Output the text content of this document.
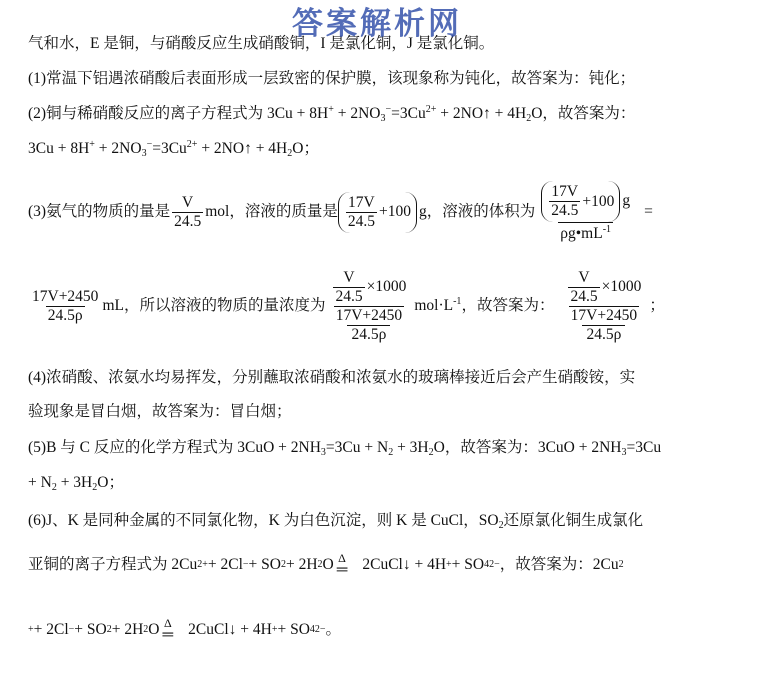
答案解析网
气和水，E 是铜，与硝酸反应生成硝酸铜，I 是氯化铜，J 是氯化铜。
(1)常温下铝遇浓硝酸后表面形成一层致密的保护膜，该现象称为钝化，故答案为：钝化；
(2)铜与稀硝酸反应的离子方程式为 $3Cu + 8H^+ + 2NO_3^-=3Cu^{2+}$ + 2NO↑ + $4H_2O$，故答案为：
$3Cu + 8H^+ + 2NO_3^-=3Cu^{2+}$ + 2NO↑ + $4H_2O$；
(3)氨气的物质的量是 $\frac{V}{24.5}$ mol，溶液的质量是 $\frac{17V}{24.5} +100$ g，溶液的体积为 $\frac{\frac{17V}{24.5} +100 g}{\rho g•mL^{-1}}$ =
$\frac{17V+2450}{24.5\rho}$ mL，所以溶液的物质的量浓度为 $\frac{V}{24.5} \times 1000$
17V+2450
24.5ρ $mol\cdot L^{-1}$ ，故答案为： $\frac{V}{24.5} \times 1000$
17V+2450
24.5ρ ；
(4)浓硝酸、浓氨水均易挥发，分别蘸取浓硝酸和浓氨水的玻璃棒接近后会产生硝酸铵，实
验现象是冒白烟，故答案为：冒白烟；
(5)B 与 C 反应的化学方程式为 $3CuO + 2NH_3=3Cu + N_2 + 3H_2O$，故答案为：$3CuO + 2NH_3=3Cu$
+ $N_2 + 3H_2O$；
(6)J、K 是同种金属的不同氯化物，K 为白色沉淀，则 K 是 CuCl，$SO_2$还原氯化铜生成氯化
亚铜的离子方程式为 2Cu 2+ + 2Cl − + SO 2 + 2H 2 O Δ
═ 2CuCl↓ + 4H + + SO 4 2− ，故答案为：2Cu 2
+ + 2Cl − + SO 2 + 2H 2 O Δ
═ 2CuCl↓ + 4H + + SO 4 2− 。
